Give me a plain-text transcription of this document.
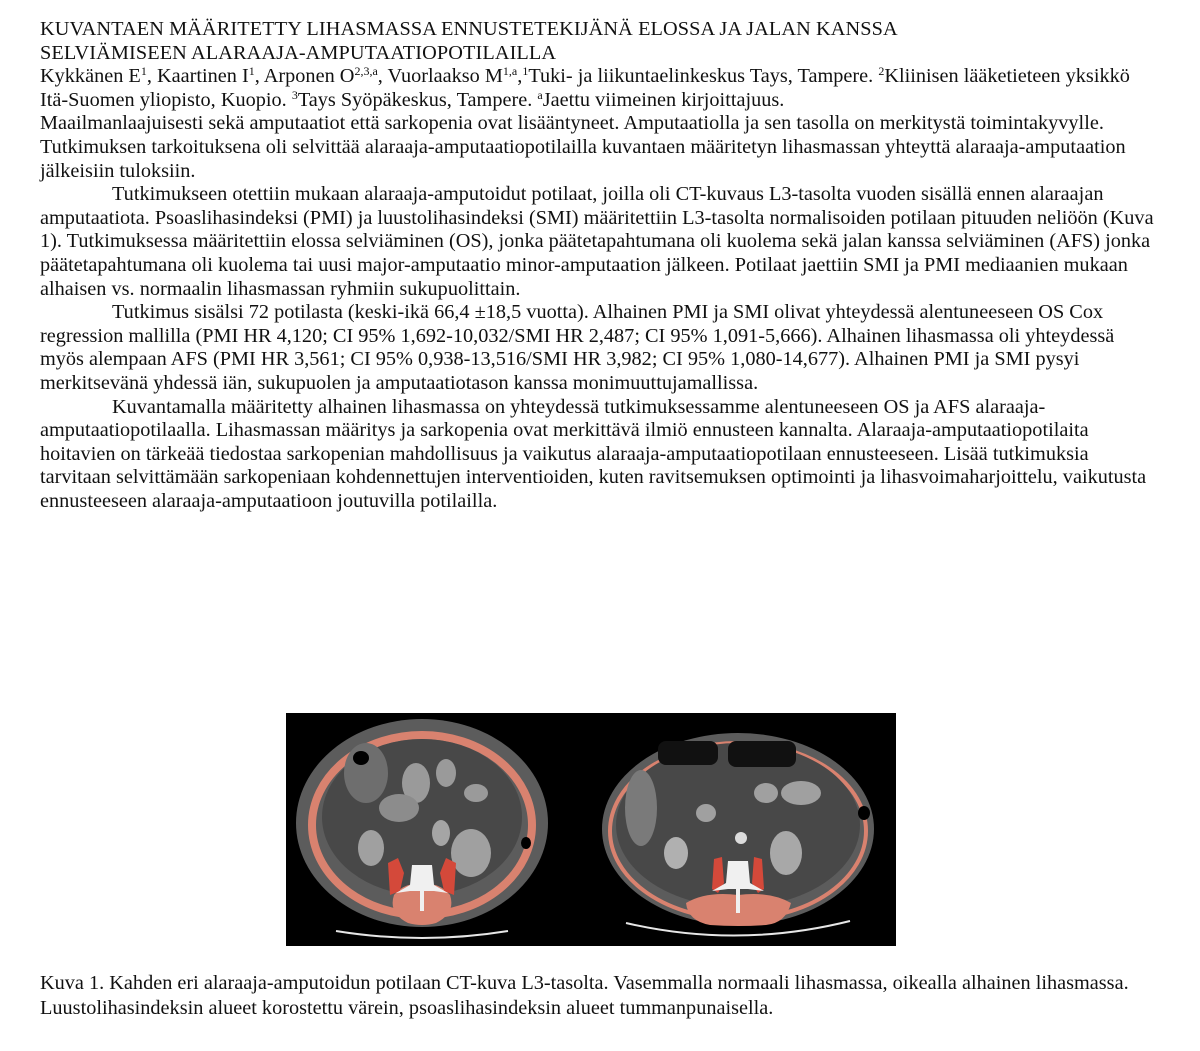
KUVANTAEN MÄÄRITETTY LIHASMASSA ENNUSTETEKIJÄNÄ ELOSSA JA JALAN KANSSA
SELVIÄMISEEN ALARAAJA-AMPUTAATIOPOTILAILLA

Kykkänen $E^1$, Kaartinen $I^1$, Arponen O$^{2,3,a}$, Vuorlaakso M$^{1,a}$,$^1$Tuki- ja liikuntaelinkeskus Tays, Tampere. $^2$Kliinisen lääketieteen yksikkö Itä-Suomen yliopisto, Kuopio. $^3$Tays Syöpäkeskus, Tampere. $^a$Jaettu viimeinen kirjoittajuus.

Maailmanlaajuisesti sekä amputaatiot että sarkopenia ovat lisääntyneet. Amputaatiolla ja sen tasolla on merkitystä toimintakyvylle. Tutkimuksen tarkoituksena oli selvittää alaraaja-amputaatiopotilailla kuvantaen määritetyn lihasmassan yhteyttä alaraaja-amputaation jälkeisiin tuloksiin.

Tutkimukseen otettiin mukaan alaraaja-amputoidut potilaat, joilla oli CT-kuvaus L3-tasolta vuoden sisällä ennen alaraajan amputaatiota. Psoaslihasindeksi (PMI) ja luustolihasindeksi (SMI) määritettiin L3-tasolta normalisoiden potilaan pituuden neliöön (Kuva 1). Tutkimuksessa määritettiin elossa selviäminen (OS), jonka päätetapahtumana oli kuolema sekä jalan kanssa selviäminen (AFS) jonka päätetapahtumana oli kuolema tai uusi major-amputaatio minor-amputaation jälkeen. Potilaat jaettiin SMI ja PMI mediaanien mukaan alhaisen vs. normaalin lihasmassan ryhmiin sukupuolittain.

Tutkimus sisälsi 72 potilasta (keski-ikä 66,4 ±18,5 vuotta). Alhainen PMI ja SMI olivat yhteydessä alentuneeseen OS Cox regression mallilla (PMI HR 4,120; CI 95% 1,692-10,032/SMI HR 2,487; CI 95% 1,091-5,666). Alhainen lihasmassa oli yhteydessä myös alempaan AFS (PMI HR 3,561; CI 95% 0,938-13,516/SMI HR 3,982; CI 95% 1,080-14,677). Alhainen PMI ja SMI pysyi merkitsevänä yhdessä iän, sukupuolen ja amputaatiotason kanssa monimuuttujamallissa.

Kuvantamalla määritetty alhainen lihasmassa on yhteydessä tutkimuksessamme alentuneeseen OS ja AFS alaraaja-amputaatiopotilaalla. Lihasmassan määritys ja sarkopenia ovat merkittävä ilmiö ennusteen kannalta. Alaraaja-amputaatiopotilaita hoitavien on tärkeää tiedostaa sarkopenian mahdollisuus ja vaikutus alaraaja-amputaatiopotilaan ennusteeseen. Lisää tutkimuksia tarvitaan selvittämään sarkopeniaan kohdennettujen interventioiden, kuten ravitsemuksen optimointi ja lihasvoimaharjoittelu, vaikutusta ennusteeseen alaraaja-amputaatioon joutuvilla potilailla.

Kuva 1. Kahden eri alaraaja-amputoidun potilaan CT-kuva L3-tasolta. Vasemmalla normaali lihasmassa, oikealla alhainen lihasmassa. Luustolihasindeksin alueet korostettu värein, psoaslihasindeksin alueet tummanpunaisella.
